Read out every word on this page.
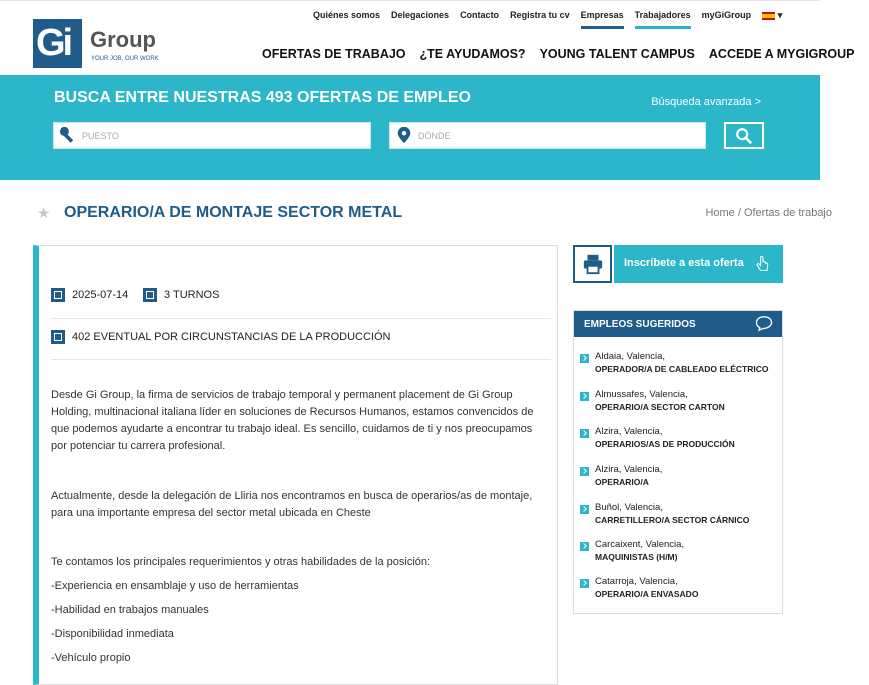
Gi Group
YOUR JOB, OUR WORK
Quiénes somos Delegaciones Contacto Registra tu cv Empresas Trabajadores myGiGroup	▾
OFERTAS DE TRABAJO ¿TE AYUDAMOS? YOUNG TALENT CAMPUS ACCEDE A MYGIGROUP
BUSCA ENTRE NUESTRAS 493 OFERTAS DE EMPLEO	Búsqueda avanzada >
PUESTO	DÓNDE
★ OPERARIO/A DE MONTAJE SECTOR METAL	Home / Ofertas de trabajo
2025-07-14	3 TURNOS
402 EVENTUAL POR CIRCUNSTANCIAS DE LA PRODUCCIÓN
Desde Gi Group, la firma de servicios de trabajo temporal y permanent placement de Gi Group Holding, multinacional italiana líder en soluciones de Recursos Humanos, estamos convencidos de que podemos ayudarte a encontrar tu trabajo ideal. Es sencillo, cuidamos de ti y nos preocupamos por potenciar tu carrera profesional.
Actualmente, desde la delegación de Lliria nos encontramos en busca de operarios/as de montaje, para una importante empresa del sector metal ubicada en Cheste
Te contamos los principales requerimientos y otras habilidades de la posición:
-Experiencia en ensamblaje y uso de herramientas
-Habilidad en trabajos manuales
-Disponibilidad inmediata
-Vehículo propio
Inscríbete a esta oferta
EMPLEOS SUGERIDOS
Aldaia, Valencia,
OPERADOR/A DE CABLEADO ELÉCTRICO
Almussafes, Valencia,
OPERARIO/A SECTOR CARTON
Alzira, Valencia,
OPERARIOS/AS DE PRODUCCIÓN
Alzira, Valencia,
OPERARIO/A
Buñol, Valencia,
CARRETILLERO/A SECTOR CÁRNICO
Carcaixent, Valencia,
MAQUINISTAS (H/M)
Catarroja, Valencia,
OPERARIO/A ENVASADO
